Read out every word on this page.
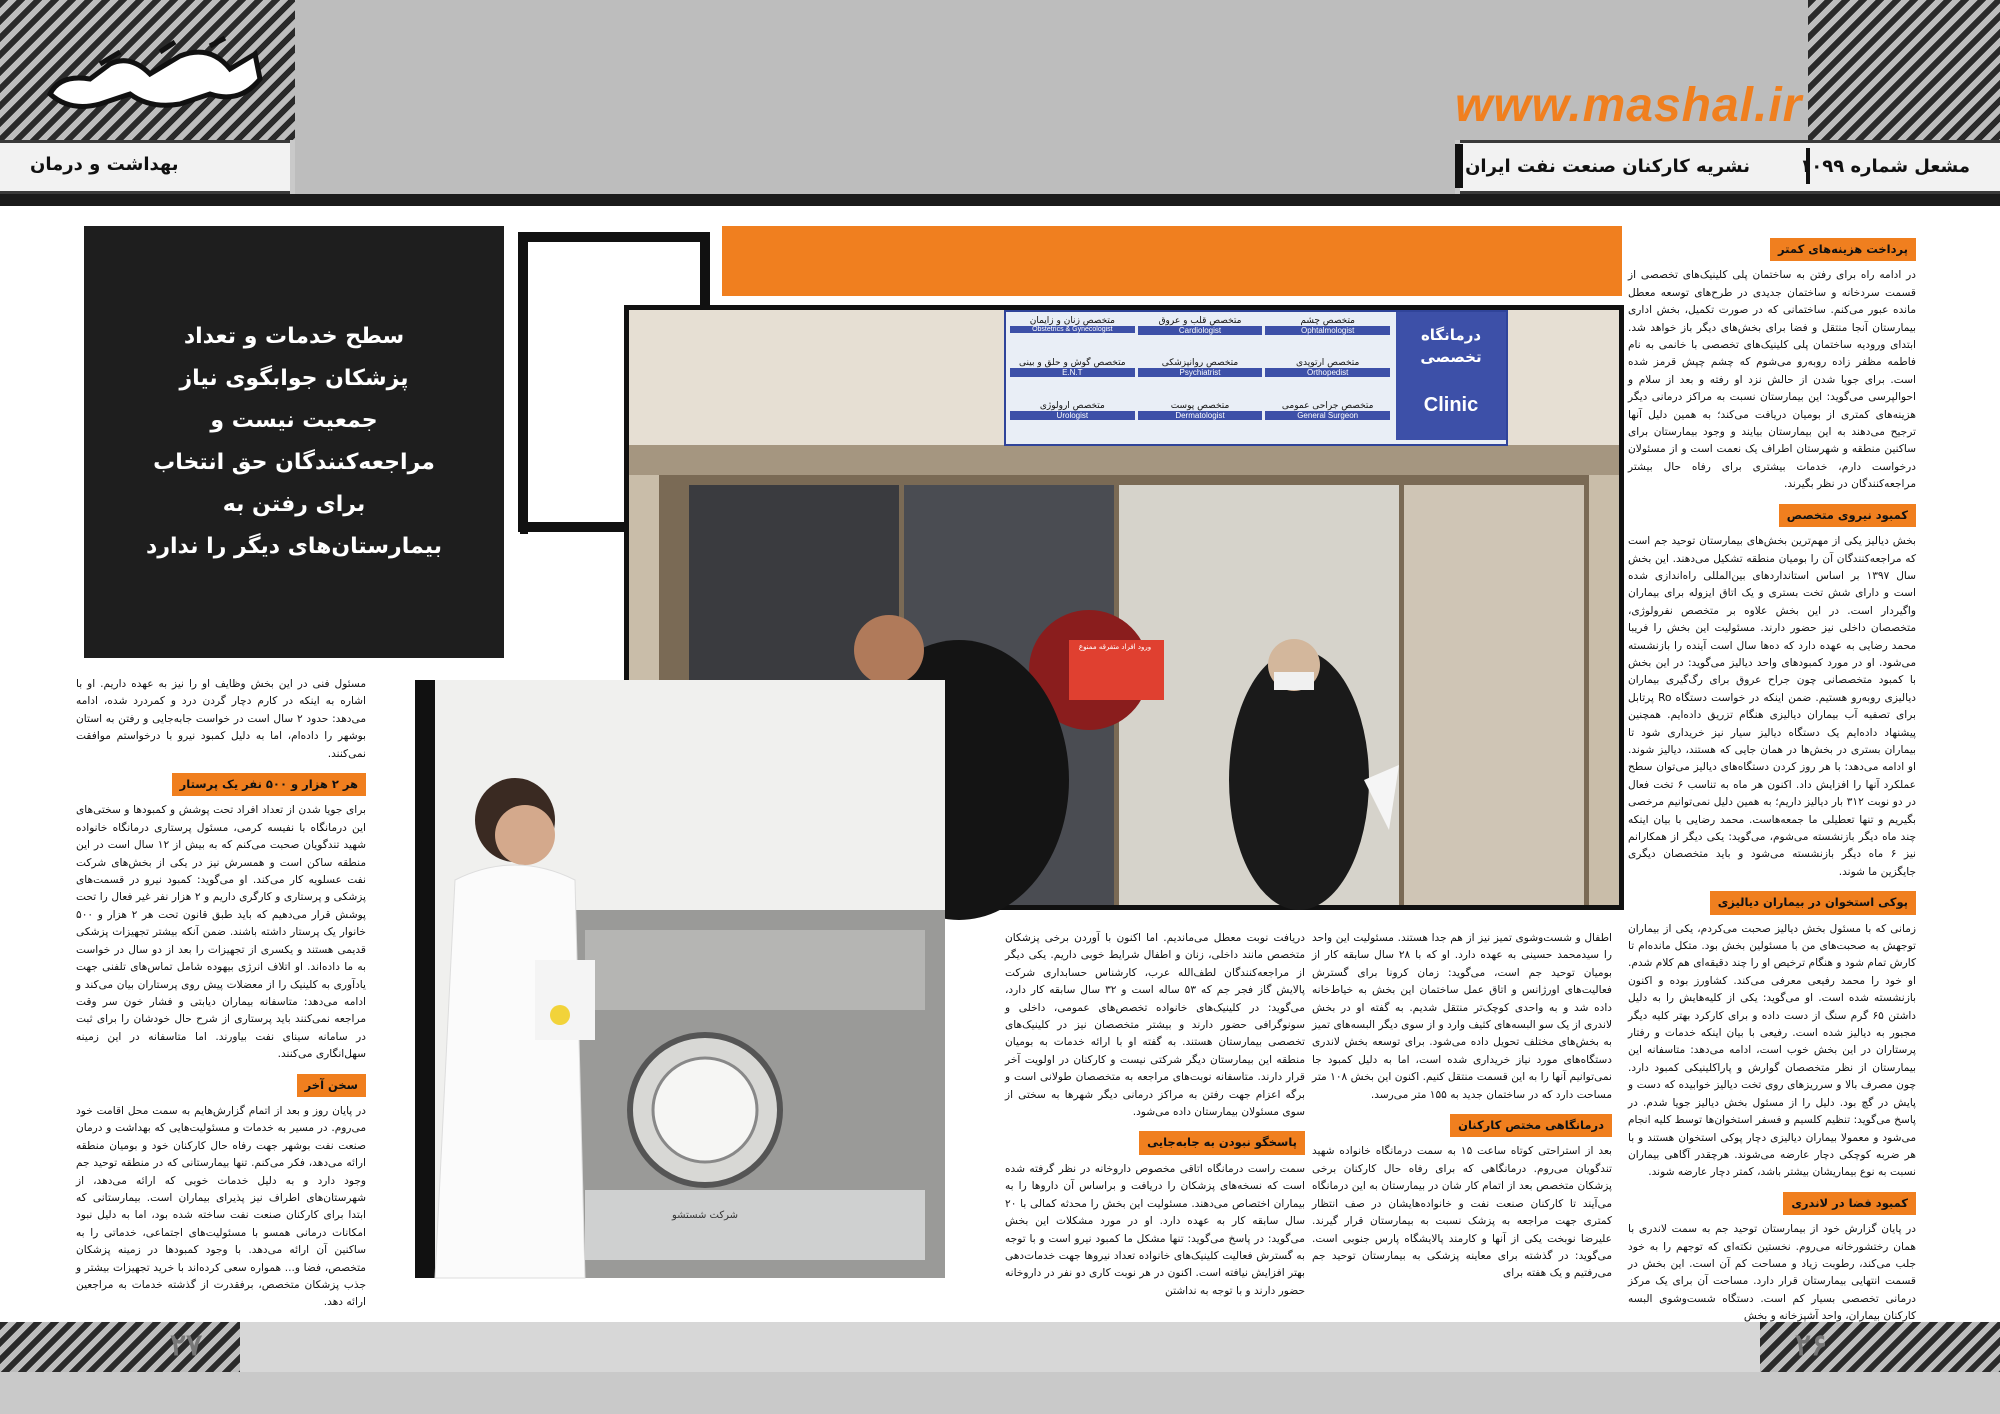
www.mashal.ir
مشعل شماره ۱۰۹۹
نشریه کارکنان صنعت نفت ایران
بهداشت و درمان
سطح خدمات و تعداد پزشکان جوابگوی نیاز جمعیت نیست و مراجعه‌کنندگان حق انتخاب برای رفتن به بیمارستان‌های دیگر را ندارد
درمانگاه تخصصی
Clinic
متخصص چشم
Ophtalmologist
متخصص قلب و عروق
Cardiologist
متخصص زنان و زایمان
Obstetrics & Gynecologist
متخصص ارتوپدی
Orthopedist
متخصص روانپزشکی
Psychiatrist
متخصص گوش و حلق و بینی
E.N.T
متخصص جراحی عمومی
General Surgeon
متخصص پوست
Dermatologist
متخصص ارولوژی
Urologist
ورود افراد متفرقه ممنوع
شرکت شستشو
پرداخت هزینه‌های کمتر

در ادامه راه برای رفتن به ساختمان پلی کلینیک‌های تخصصی از قسمت سردخانه و ساختمان جدیدی در طرح‌های توسعه معطل مانده عبور می‌کنم. ساختمانی که در صورت تکمیل، بخش اداری بیمارستان آنجا منتقل و فضا برای بخش‌های دیگر باز خواهد شد. ابتدای ورودیه ساختمان پلی کلینیک‌های تخصصی با خانمی به نام فاطمه مظفر زاده روبه‌رو می‌شوم که چشم چپش قرمز شده است. برای جویا شدن از حالش نزد او رفته و بعد از سلام و احوالپرسی می‌گوید: این بیمارستان نسبت به مراکز درمانی دیگر هزینه‌های کمتری از بومیان دریافت می‌کند؛ به همین دلیل آنها ترجیح می‌دهند به این بیمارستان بیایند و وجود بیمارستان برای ساکنین منطقه و شهرستان اطراف یک نعمت است و از مسئولان درخواست دارم، خدمات بیشتری برای رفاه حال بیشتر مراجعه‌کنندگان در نظر بگیرند.

کمبود نیروی متخصص

بخش دیالیز یکی از مهم‌ترین بخش‌های بیمارستان توحید جم است که مراجعه‌کنندگان آن را بومیان منطقه تشکیل می‌دهند. این بخش سال ۱۳۹۷ بر اساس استانداردهای بین‌المللی راه‌اندازی شده است و دارای شش تخت بستری و یک اتاق ایزوله برای بیماران واگیردار است. در این بخش علاوه بر متخصص نفرولوژی، متخصصان داخلی نیز حضور دارند. مسئولیت این بخش را فریبا محمد رضایی به عهده دارد که ده‌ها سال است آینده را بازنشسته می‌شود. او در مورد کمبودهای واحد دیالیز می‌گوید: در این بخش با کمبود متخصصانی چون جراح عروق برای رگ‌گیری بیماران دیالیزی روبه‌رو هستیم. ضمن اینکه در خواست دستگاه Ro پرتابل برای تصفیه آب بیماران دیالیزی هنگام تزریق داده‌ایم. همچنین پیشنهاد داده‌ایم یک دستگاه دیالیز سیار نیز خریداری شود تا بیماران بستری در بخش‌ها در همان جایی که هستند، دیالیز شوند. او ادامه می‌دهد: با هر روز کردن دستگاه‌های دیالیز می‌توان سطح عملکرد آنها را افزایش داد. اکنون هر ماه به تناسب ۶ تخت فعال در دو نوبت ۳۱۲ بار دیالیز داریم؛ به همین دلیل نمی‌توانیم مرخصی بگیریم و تنها تعطیلی ما جمعه‌هاست. محمد رضایی با بیان اینکه چند ماه دیگر بازنشسته می‌شوم، می‌گوید: یکی دیگر از همکارانم نیز ۶ ماه دیگر بازنشسته می‌شود و باید متخصصان دیگری جایگزین ما شوند.

پوکی استخوان در بیماران دیالیزی

زمانی که با مسئول بخش دیالیز صحبت می‌کردم، یکی از بیماران توجهش به صحبت‌های من با مسئولین بخش بود. متکل مانده‌ام تا کارش تمام شود و هنگام ترخیص او را چند دقیقه‌ای هم کلام شدم. او خود را محمد رفیعی معرفی می‌کند. کشاورز بوده و اکنون بازنشسته شده است. او می‌گوید: یکی از کلیه‌هایش را به دلیل داشتن ۶۵ گرم سنگ از دست داده و برای کارکرد بهتر کلیه دیگر مجبور به دیالیز شده است. رفیعی با بیان اینکه خدمات و رفتار پرستاران در این بخش خوب است، ادامه می‌دهد: متاسفانه این بیمارستان از نظر متخصصان گوارش و پاراکلینیکی کمبود دارد. چون مصرف بالا و سرریزهای روی تخت دیالیز خوابیده که دست و پایش در گچ بود. دلیل را از مسئول بخش دیالیز جویا شدم. در پاسخ می‌گوید: تنظیم کلسیم و فسفر استخوان‌ها توسط کلیه انجام می‌شود و معمولا بیماران دیالیزی دچار پوکی استخوان هستند و با هر ضربه کوچکی دچار عارضه می‌شوند. هرچقدر آگاهی بیماران نسبت به نوع بیماریشان بیشتر باشد، کمتر دچار عارضه شوند.

کمبود فضا در لاندری

در پایان گزارش خود از بیمارستان توحید جم به سمت لاندری با همان رختشورخانه می‌روم. نخستین نکته‌ای که توجهم را به خود جلب می‌کند، رطوبت زیاد و مساحت کم آن است. این بخش در قسمت انتهایی بیمارستان قرار دارد. مساحت آن برای یک مرکز درمانی تخصصی بسیار کم است. دستگاه شست‌وشوی البسه کارکنان بیماران، واحد آشپزخانه و بخش

اطفال و شست‌وشوی تمیز نیز از هم جدا هستند. مسئولیت این واحد را سیدمحمد حسینی به عهده دارد. او که با ۲۸ سال سابقه کار از بومیان توحید جم است، می‌گوید: زمان کرونا برای گسترش فعالیت‌های اورژانس و اتاق عمل ساختمان این بخش به خیاط‌خانه داده شد و به واحدی کوچک‌تر منتقل شدیم. به گفته او در بخش لاندری از یک سو البسه‌های کثیف وارد و از سوی دیگر البسه‌های تمیز به بخش‌های مختلف تحویل داده می‌شود. برای توسعه بخش لاندری دستگاه‌های مورد نیاز خریداری شده است، اما به دلیل کمبود جا نمی‌توانیم آنها را به این قسمت منتقل کنیم. اکنون این بخش ۱۰۸ متر مساحت دارد که در ساختمان جدید به ۱۵۵ متر می‌رسد.

درمانگاهی مختص کارکنان

بعد از استراحتی کوتاه ساعت ۱۵ به سمت درمانگاه خانواده شهید تندگویان می‌روم. درمانگاهی که برای رفاه حال کارکنان برخی پزشکان متخصص بعد از اتمام کار شان در بیمارستان به این درمانگاه می‌آیند تا کارکنان صنعت نفت و خانواده‌هایشان در صف انتظار کمتری جهت مراجعه به پزشک نسبت به بیمارستان قرار گیرند. علیرضا نوبخت یکی از آنها و کارمند پالایشگاه پارس جنوبی است. می‌گوید: در گذشته برای معاینه پزشکی به بیمارستان توحید جم می‌رفتیم و یک هفته برای

دریافت نوبت معطل می‌ماندیم. اما اکنون با آوردن برخی پزشکان متخصص مانند داخلی، زنان و اطفال شرایط خوبی داریم. یکی دیگر از مراجعه‌کنندگان لطف‌الله عرب، کارشناس حسابداری شرکت پالایش گاز فجر جم که ۵۳ ساله است و ۳۲ سال سابقه کار دارد، می‌گوید: در کلینیک‌های خانواده تخصص‌های عمومی، داخلی و سونوگرافی حضور دارند و بیشتر متخصصان نیز در کلینیک‌های تخصصی بیمارستان هستند. به گفته او با ارائه خدمات به بومیان منطقه این بیمارستان دیگر شرکتی نیست و کارکنان در اولویت آخر قرار دارند. متاسفانه نوبت‌های مراجعه به متخصصان طولانی است و برگه اعزام جهت رفتن به مراکز درمانی دیگر شهرها به سختی از سوی مسئولان بیمارستان داده می‌شود.

پاسخگو نبودن به جابه‌جایی

سمت راست درمانگاه اتاقی مخصوص داروخانه در نظر گرفته شده است که نسخه‌های پزشکان را دریافت و براساس آن داروها را به بیماران اختصاص می‌دهند. مسئولیت این بخش را محدثه کمالی با ۲۰ سال سابقه کار به عهده دارد. او در مورد مشکلات این بخش می‌گوید: در پاسخ می‌گوید: تنها مشکل ما کمبود نیرو است و با توجه به گسترش فعالیت کلینیک‌های خانواده تعداد نیروها جهت خدمات‌دهی بهتر افزایش نیافته است. اکنون در هر نوبت کاری دو نفر در داروخانه حضور دارند و با توجه به نداشتن

مسئول فنی در این بخش وظایف او را نیز به عهده داریم. او با اشاره به اینکه در کارم دچار گردن درد و کمردرد شده، ادامه می‌دهد: حدود ۲ سال است در خواست جابه‌جایی و رفتن به استان بوشهر را داده‌ام، اما به دلیل کمبود نیرو با درخواستم موافقت نمی‌کنند.

هر ۲ هزار و ۵۰۰ نفر یک پرستار

برای جویا شدن از تعداد افراد تحت پوشش و کمبودها و سختی‌های این درمانگاه با نفیسه کرمی، مسئول پرستاری درمانگاه خانواده شهید تندگویان صحبت می‌کنم که به بیش از ۱۲ سال است در این منطقه ساکن است و همسرش نیز در یکی از بخش‌های شرکت نفت عسلویه کار می‌کند. او می‌گوید: کمبود نیرو در قسمت‌های پزشکی و پرستاری و کارگری داریم و ۲ هزار نفر غیر فعال را تحت پوشش قرار می‌دهیم که باید طبق قانون تحت هر ۲ هزار و ۵۰۰ خانوار یک پرستار داشته باشند. ضمن آنکه بیشتر تجهیزات پزشکی قدیمی هستند و یکسری از تجهیزات را بعد از دو سال در خواست به ما داده‌اند. او اتلاف انرژی بیهوده شامل تماس‌های تلفنی جهت یادآوری به کلینیک را از معضلات پیش روی پرستاران بیان می‌کند و ادامه می‌دهد: متاسفانه بیماران دیابتی و فشار خون سر وقت مراجعه نمی‌کنند باید پرستاری از شرح حال خودشان را برای ثبت در سامانه سینای نفت بیاورند. اما متاسفانه در این زمینه سهل‌انگاری می‌کنند.

سخن آخر

در پایان روز و بعد از اتمام گزارش‌هایم به سمت محل اقامت خود می‌روم. در مسیر به خدمات و مسئولیت‌هایی که بهداشت و درمان صنعت نفت بوشهر جهت رفاه حال کارکنان خود و بومیان منطقه ارائه می‌دهد، فکر می‌کنم. تنها بیمارستانی که در منطقه توحید جم وجود دارد و به دلیل خدمات خوبی که ارائه می‌دهد، از شهرستان‌های اطراف نیز پذیرای بیماران است. بیمارستانی که ابتدا برای کارکنان صنعت نفت ساخته شده بود، اما به دلیل نبود امکانات درمانی همسو با مسئولیت‌های اجتماعی، خدماتی را به ساکنین آن ارائه می‌دهد. با وجود کمبودها در زمینه پزشکان متخصص، فضا و... همواره سعی کرده‌اند با خرید تجهیزات بیشتر و جذب پزشکان متخصص، برفقدرت از گذشته خدمات به مراجعین ارائه دهد.

۲۷	۲۶
